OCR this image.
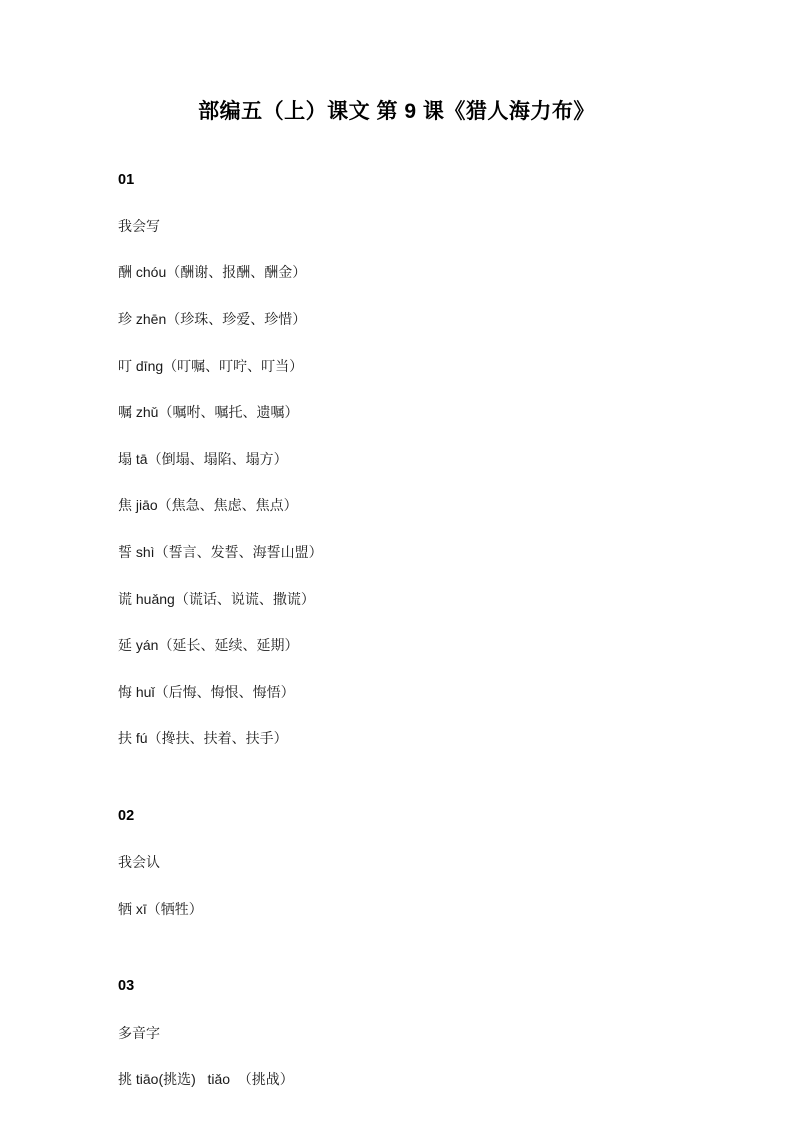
部编五（上）课文 第 9 课《猎人海力布》
01
我会写
酬 chóu（酬谢、报酬、酬金）
珍 zhēn（珍珠、珍爱、珍惜）
叮 dīng（叮嘱、叮咛、叮当）
嘱 zhǔ（嘱咐、嘱托、遗嘱）
塌 tā（倒塌、塌陷、塌方）
焦 jiāo（焦急、焦虑、焦点）
誓 shì（誓言、发誓、海誓山盟）
谎 huǎng（谎话、说谎、撒谎）
延 yán（延长、延续、延期）
悔 huǐ（后悔、悔恨、悔悟）
扶 fú（搀扶、扶着、扶手）
02
我会认
牺 xī（牺牲）
03
多音字
挑 tiāo(挑选)   tiǎo  （挑战）
